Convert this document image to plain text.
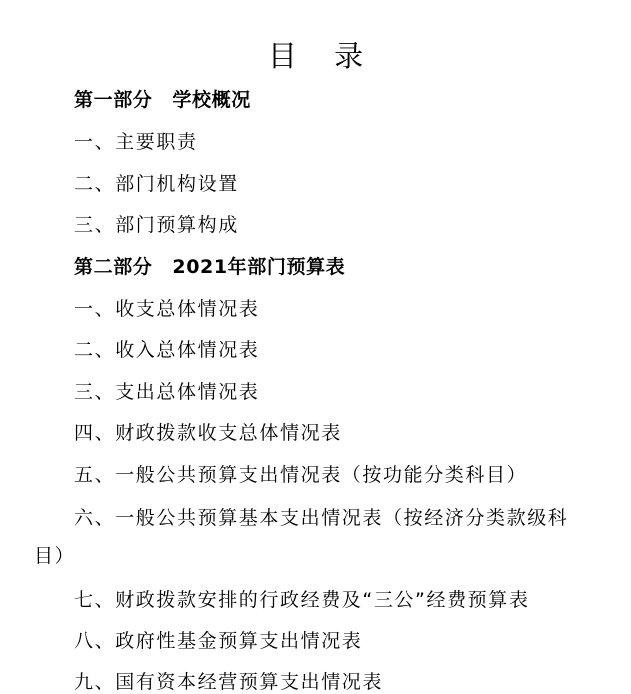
目 录
第一部分 学校概况
一、主要职责
二、部门机构设置
三、部门预算构成
第二部分 2021年部门预算表
一、收支总体情况表
二、收入总体情况表
三、支出总体情况表
四、财政拨款收支总体情况表
五、一般公共预算支出情况表（按功能分类科目）
六、一般公共预算基本支出情况表（按经济分类款级科
目）
七、财政拨款安排的行政经费及“三公”经费预算表
八、政府性基金预算支出情况表
九、国有资本经营预算支出情况表
